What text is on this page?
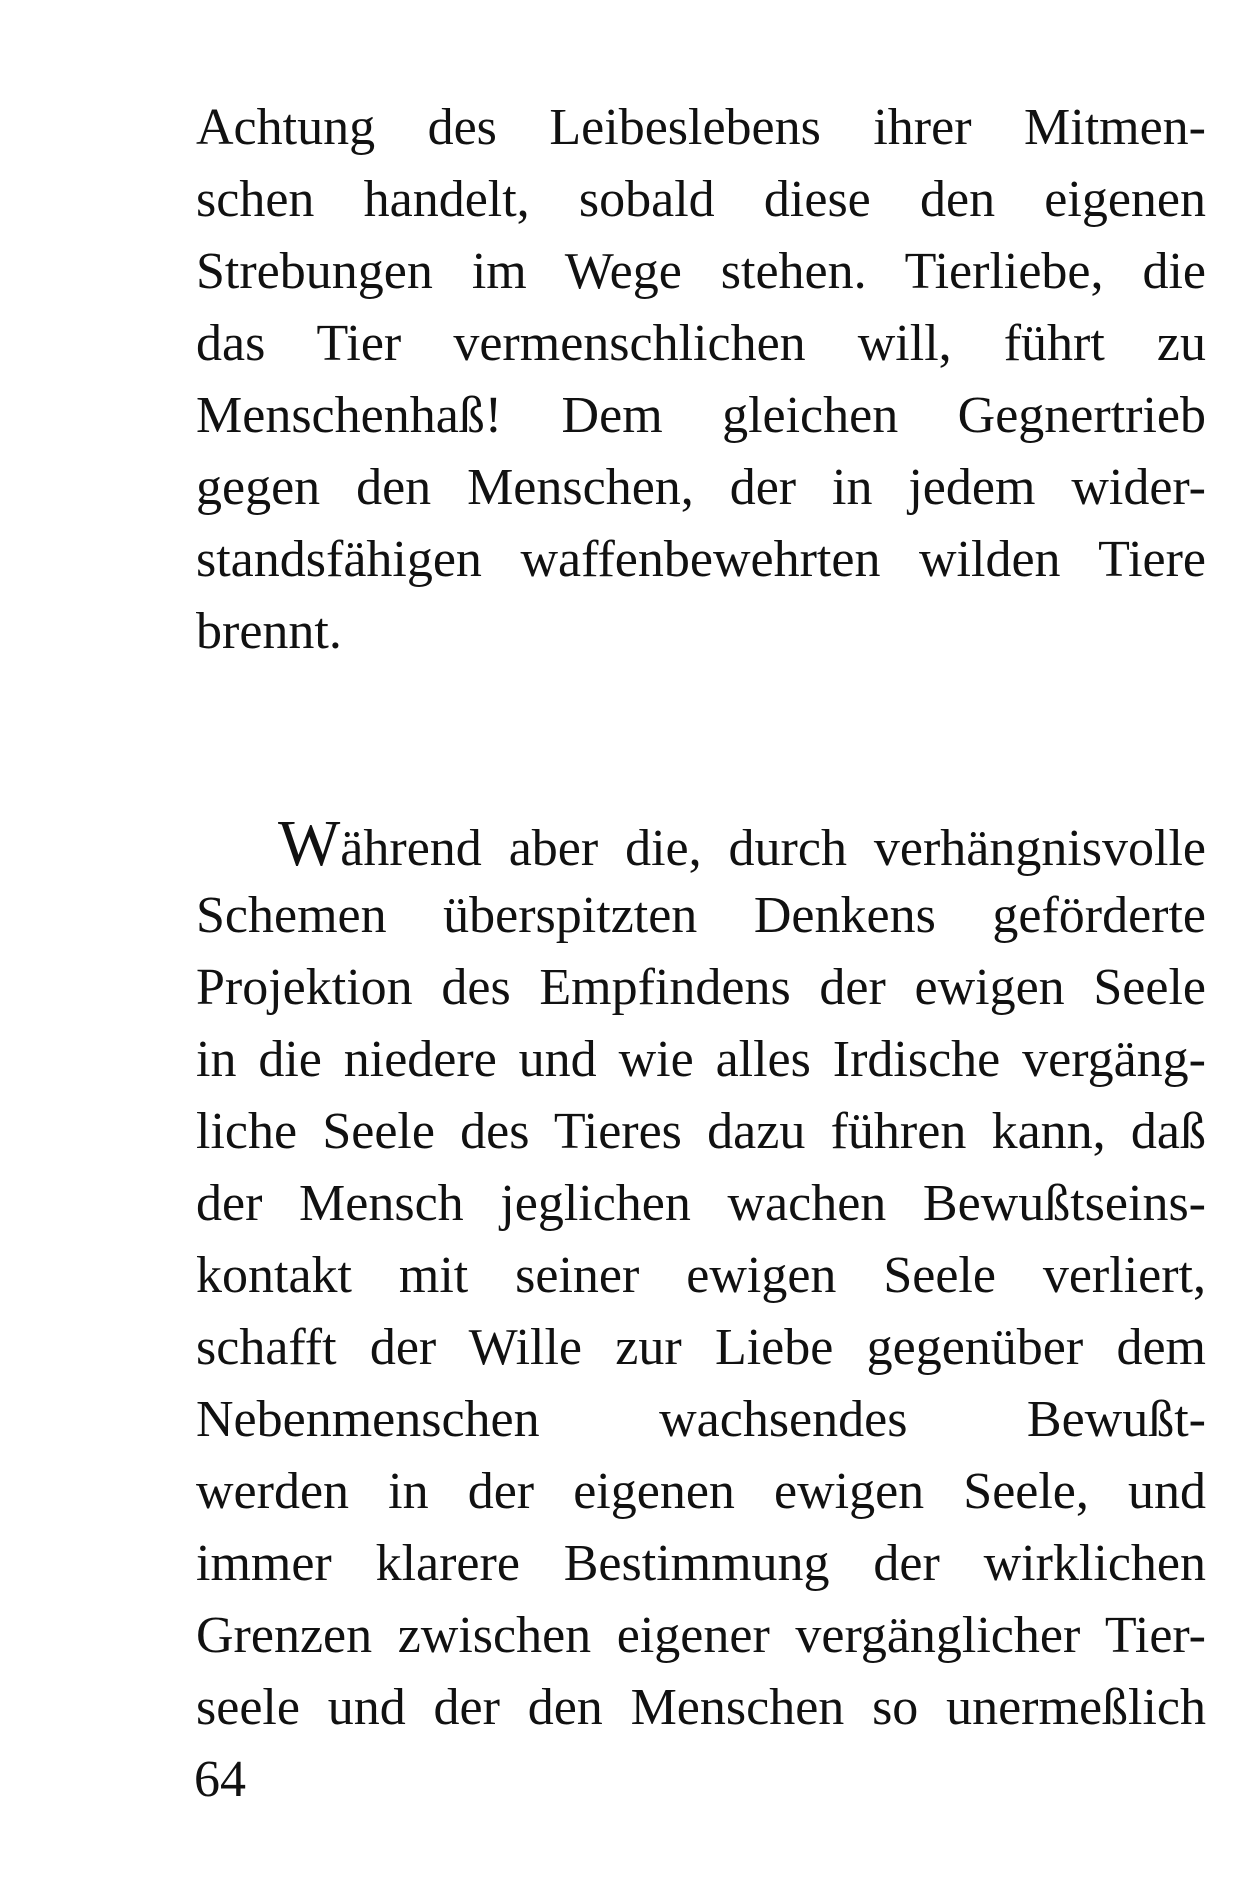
Achtung des Leibeslebens ihrer Mitmen-
schen handelt, sobald diese den eigenen
Strebungen im Wege stehen. Tierliebe, die
das Tier vermenschlichen will, führt zu
Menschenhaß! Dem gleichen Gegnertrieb
gegen den Menschen, der in jedem wider-
standsfähigen waffenbewehrten wilden Tiere
brennt.
Während aber die, durch verhängnisvolle
Schemen überspitzten Denkens geförderte
Projektion des Empfindens der ewigen Seele
in die niedere und wie alles Irdische vergäng-
liche Seele des Tieres dazu führen kann, daß
der Mensch jeglichen wachen Bewußtseins-
kontakt mit seiner ewigen Seele verliert,
schafft der Wille zur Liebe gegenüber dem
Nebenmenschen wachsendes Bewußt-
werden in der eigenen ewigen Seele, und
immer klarere Bestimmung der wirklichen
Grenzen zwischen eigener vergänglicher Tier-
seele und der den Menschen so unermeßlich
64
